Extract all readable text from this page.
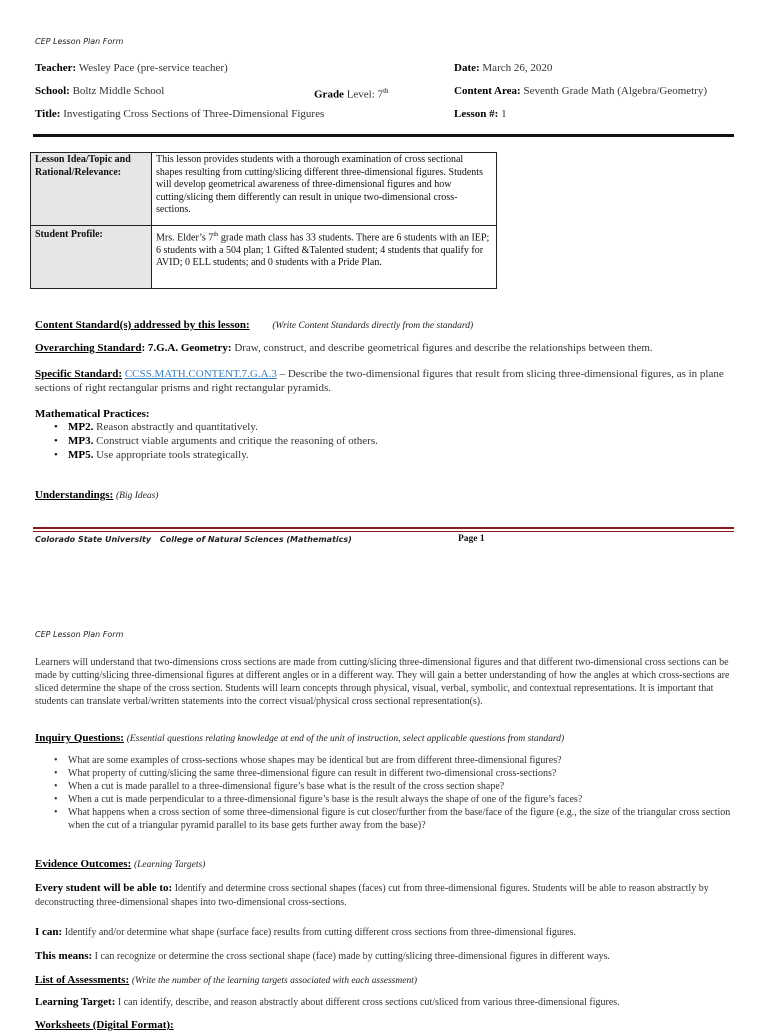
CEP Lesson Plan Form
Teacher: Wesley Pace (pre-service teacher)	Date: March 26, 2020
School: Boltz Middle School	Grade Level: 7th	Content Area: Seventh Grade Math (Algebra/Geometry)
Title: Investigating Cross Sections of Three-Dimensional Figures	Lesson #: 1
Lesson Idea/Topic and Rational/Relevance:	This lesson provides students with a thorough examination of cross sectional shapes resulting from cutting/slicing different three-dimensional figures. Students will develop geometrical awareness of three-dimensional figures and how cutting/slicing them differently can result in unique two-dimensional cross-sections.
Student Profile:	Mrs. Elder’s 7th grade math class has 33 students. There are 6 students with an IEP; 6 students with a 504 plan; 1 Gifted &Talented student; 4 students that qualify for AVID; 0 ELL students; and 0 students with a Pride Plan.
Content Standard(s) addressed by this lesson: (Write Content Standards directly from the standard)
Overarching Standard: 7.G.A. Geometry: Draw, construct, and describe geometrical figures and describe the relationships between them.
Specific Standard: CCSS.MATH.CONTENT.7.G.A.3 – Describe the two-dimensional figures that result from slicing three-dimensional figures, as in plane sections of right rectangular prisms and right rectangular pyramids.
Mathematical Practices:
• MP2. Reason abstractly and quantitatively.
• MP3. Construct viable arguments and critique the reasoning of others.
• MP5. Use appropriate tools strategically.
Understandings: (Big Ideas)
Colorado State University College of Natural Sciences (Mathematics)	Page 1
CEP Lesson Plan Form
Learners will understand that two-dimensions cross sections are made from cutting/slicing three-dimensional figures and that different two-dimensional cross sections can be made by cutting/slicing three-dimensional figures at different angles or in a different way. They will gain a better understanding of how the angles at which cross-sections are sliced determine the shape of the cross section. Students will learn concepts through physical, visual, verbal, symbolic, and contextual representations. It is important that students can translate verbal/written statements into the correct visual/physical cross sectional representation(s).
Inquiry Questions: (Essential questions relating knowledge at end of the unit of instruction, select applicable questions from standard)
• What are some examples of cross-sections whose shapes may be identical but are from different three-dimensional figures?
• What property of cutting/slicing the same three-dimensional figure can result in different two-dimensional cross-sections?
• When a cut is made parallel to a three-dimensional figure’s base what is the result of the cross section shape?
• When a cut is made perpendicular to a three-dimensional figure’s base is the result always the shape of one of the figure’s faces?
• What happens when a cross section of some three-dimensional figure is cut closer/further from the base/face of the figure (e.g., the size of the triangular cross section when the cut of a triangular pyramid parallel to its base gets further away from the base)?
Evidence Outcomes: (Learning Targets)
Every student will be able to: Identify and determine cross sectional shapes (faces) cut from three-dimensional figures. Students will be able to reason abstractly by deconstructing three-dimensional shapes into two-dimensional cross-sections.
I can: Identify and/or determine what shape (surface face) results from cutting different cross sections from three-dimensional figures.
This means: I can recognize or determine the cross sectional shape (face) made by cutting/slicing three-dimensional figures in different ways.
List of Assessments: (Write the number of the learning targets associated with each assessment)
Learning Target: I can identify, describe, and reason abstractly about different cross sections cut/sliced from various three-dimensional figures.
Worksheets (Digital Format):
